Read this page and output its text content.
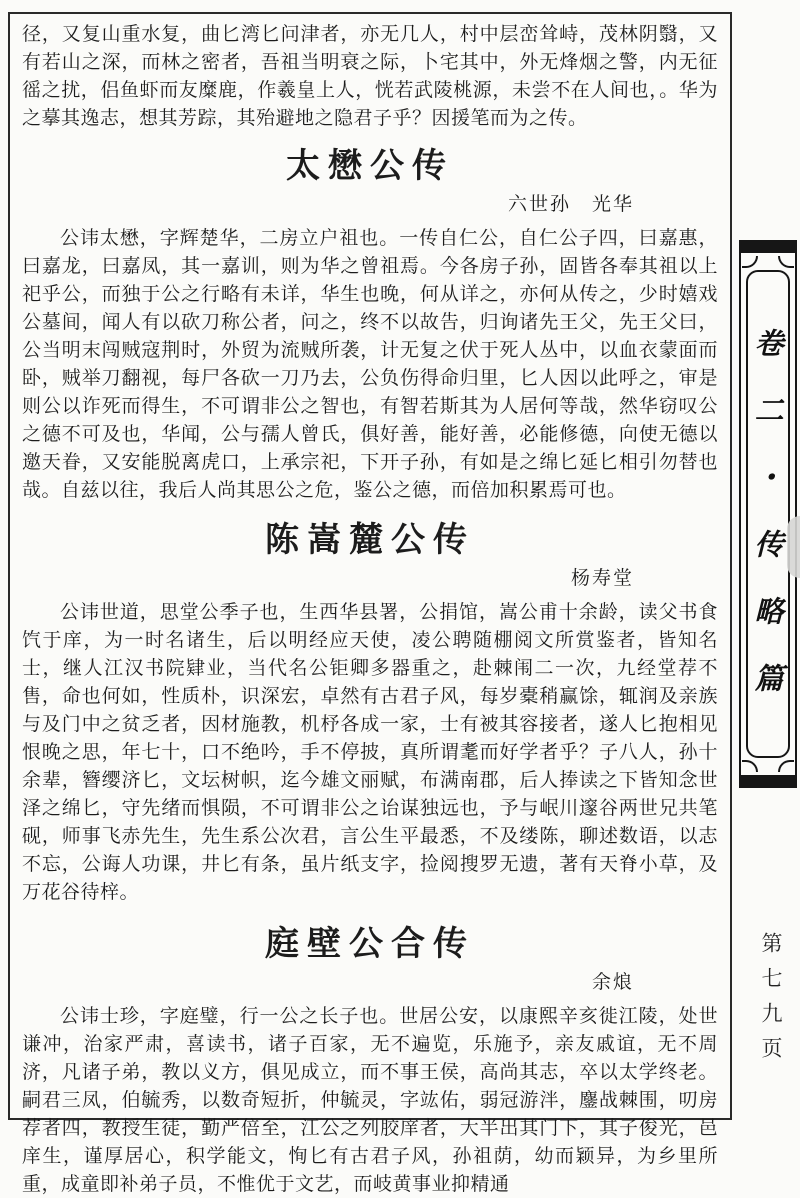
径，又复山重水复，曲匕湾匕问津者，亦无几人，村中层峦耸峙，茂林阴翳，又有若山之深，而林之密者，吾祖当明衰之际，卜宅其中，外无烽烟之警，内无征徭之扰，侣鱼虾而友糜鹿，作羲皇上人，恍若武陵桃源，未尝不在人间也，。华为之摹其逸志，想其芳踪，其殆避地之隐君子乎？因援笔而为之传。

太懋公传
六世孙　光华

公讳太懋，字辉楚华，二房立户祖也。一传自仁公，自仁公子四，曰嘉惠，曰嘉龙，曰嘉凤，其一嘉训，则为华之曾祖焉。今各房子孙，固皆各奉其祖以上祀乎公，而独于公之行略有未详，华生也晚，何从详之，亦何从传之，少时嬉戏公墓间，闻人有以砍刀称公者，问之，终不以故告，归询诸先王父，先王父曰，公当明末闯贼寇荆时，外贸为流贼所袭，计无复之伏于死人丛中，以血衣蒙面而卧，贼举刀翻视，每尸各砍一刀乃去，公负伤得命归里，匕人因以此呼之，审是则公以诈死而得生，不可谓非公之智也，有智若斯其为人居何等哉，然华窃叹公之德不可及也，华闻，公与孺人曾氏，俱好善，能好善，必能修德，向使无德以邀天眷，又安能脱离虎口，上承宗祀，下开子孙，有如是之绵匕延匕相引勿替也哉。自兹以往，我后人尚其思公之危，鉴公之德，而倍加积累焉可也。

陈嵩麓公传
杨寿堂

公讳世道，思堂公季子也，生西华县署，公捐馆，嵩公甫十余龄，读父书食饩于庠，为一时名诸生，后以明经应天使，凌公聘随棚阅文所赏鉴者，皆知名士，继人江汉书院肄业，当代名公钜卿多器重之，赴棘闱二一次，九经堂荐不售，命也何如，性质朴，识深宏，卓然有古君子风，每岁橐稍赢馀，辄润及亲族与及门中之贫乏者，因材施教，机杼各成一家，士有被其容接者，遂人匕抱相见恨晚之思，年七十，口不绝吟，手不停披，真所谓耄而好学者乎？子八人，孙十余辈，簪缨济匕，文坛树帜，迄今雄文丽赋，布满南郡，后人捧读之下皆知念世泽之绵匕，守先绪而惧陨，不可谓非公之诒谋独远也，予与岷川邃谷两世兄共笔砚，师事飞赤先生，先生系公次君，言公生平最悉，不及缕陈，聊述数语，以志不忘，公诲人功课，井匕有条，虽片纸支字，捡阅搜罗无遗，著有天脊小草，及万花谷待梓。

庭壁公合传
余烺

公讳士珍，字庭璧，行一公之长子也。世居公安，以康熙辛亥徙江陵，处世谦冲，治家严肃，喜读书，诸子百家，无不遍览，乐施予，亲友戚谊，无不周济，凡诸子弟，教以义方，俱见成立，而不事王侯，高尚其志，卒以太学终老。嗣君三凤，伯毓秀，以数奇短折，仲毓灵，字竑佑，弱冠游泮，鏖战棘围，叨房荐者四，教授生徒，勤严倍至，江公之列胶庠者，大半出其门下，其子俊光，邑庠生，谨厚居心，积学能文，恂匕有古君子风，孙祖荫，幼而颖异，为乡里所重，成童即补弟子员，不惟优于文艺，而岐黄事业抑精通

卷二・传略篇
第七九页
